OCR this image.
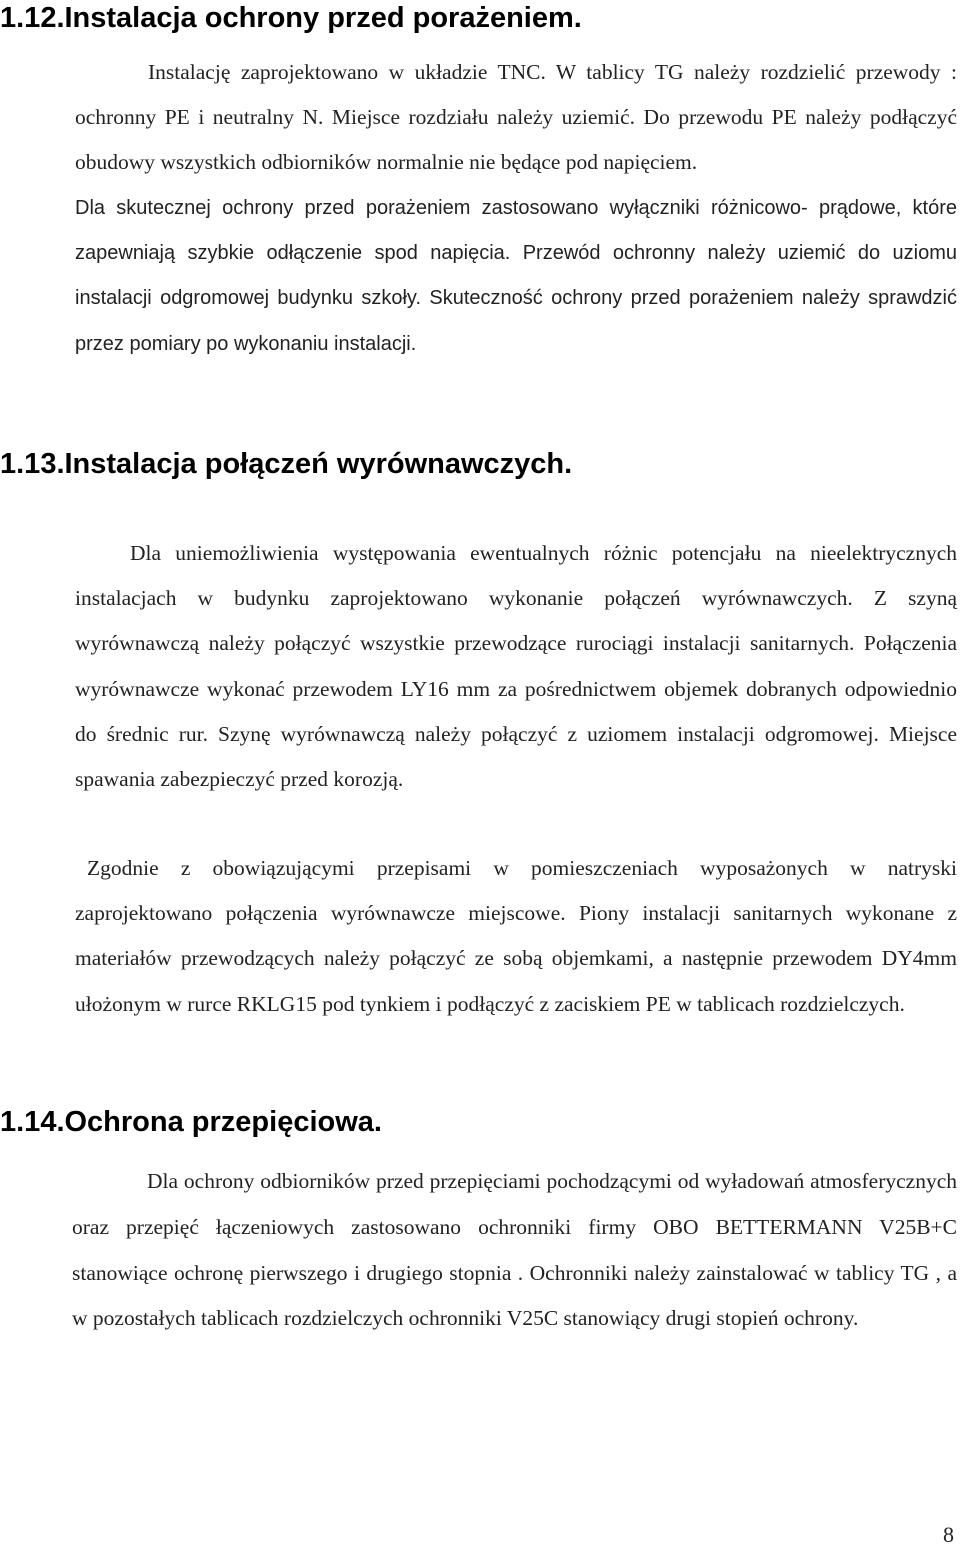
1.12.Instalacja ochrony przed porażeniem.

Instalację zaprojektowano w układzie TNC. W tablicy TG należy rozdzielić przewody : ochronny PE i neutralny N. Miejsce rozdziału należy uziemić. Do przewodu PE należy podłączyć obudowy wszystkich odbiorników normalnie nie będące pod napięciem.

Dla skutecznej ochrony przed porażeniem zastosowano wyłączniki różnicowo- prądowe, które zapewniają szybkie odłączenie spod napięcia. Przewód ochronny należy uziemić do uziomu instalacji odgromowej budynku szkoły. Skuteczność ochrony przed porażeniem należy sprawdzić przez pomiary po wykonaniu instalacji.

1.13.Instalacja połączeń wyrównawczych.

Dla uniemożliwienia występowania ewentualnych różnic potencjału na nieelektrycznych instalacjach w budynku zaprojektowano wykonanie połączeń wyrównawczych. Z szyną wyrównawczą należy połączyć wszystkie przewodzące rurociągi instalacji sanitarnych. Połączenia wyrównawcze wykonać przewodem LY16 mm za pośrednictwem objemek dobranych odpowiednio do średnic rur. Szynę wyrównawczą należy połączyć z uziomem instalacji odgromowej. Miejsce spawania zabezpieczyć przed korozją.

Zgodnie z obowiązującymi przepisami w pomieszczeniach wyposażonych w natryski zaprojektowano połączenia wyrównawcze miejscowe. Piony instalacji sanitarnych wykonane z materiałów przewodzących należy połączyć ze sobą objemkami, a następnie przewodem DY4mm ułożonym w rurce RKLG15 pod tynkiem i podłączyć z zaciskiem PE w tablicach rozdzielczych.

1.14.Ochrona przepięciowa.

Dla ochrony odbiorników przed przepięciami pochodzącymi od wyładowań atmosferycznych oraz przepięć łączeniowych zastosowano ochronniki firmy OBO BETTERMANN V25B+C stanowiące ochronę pierwszego i drugiego stopnia . Ochronniki należy zainstalować w tablicy TG , a w pozostałych tablicach rozdzielczych ochronniki V25C stanowiący drugi stopień ochrony.

8
